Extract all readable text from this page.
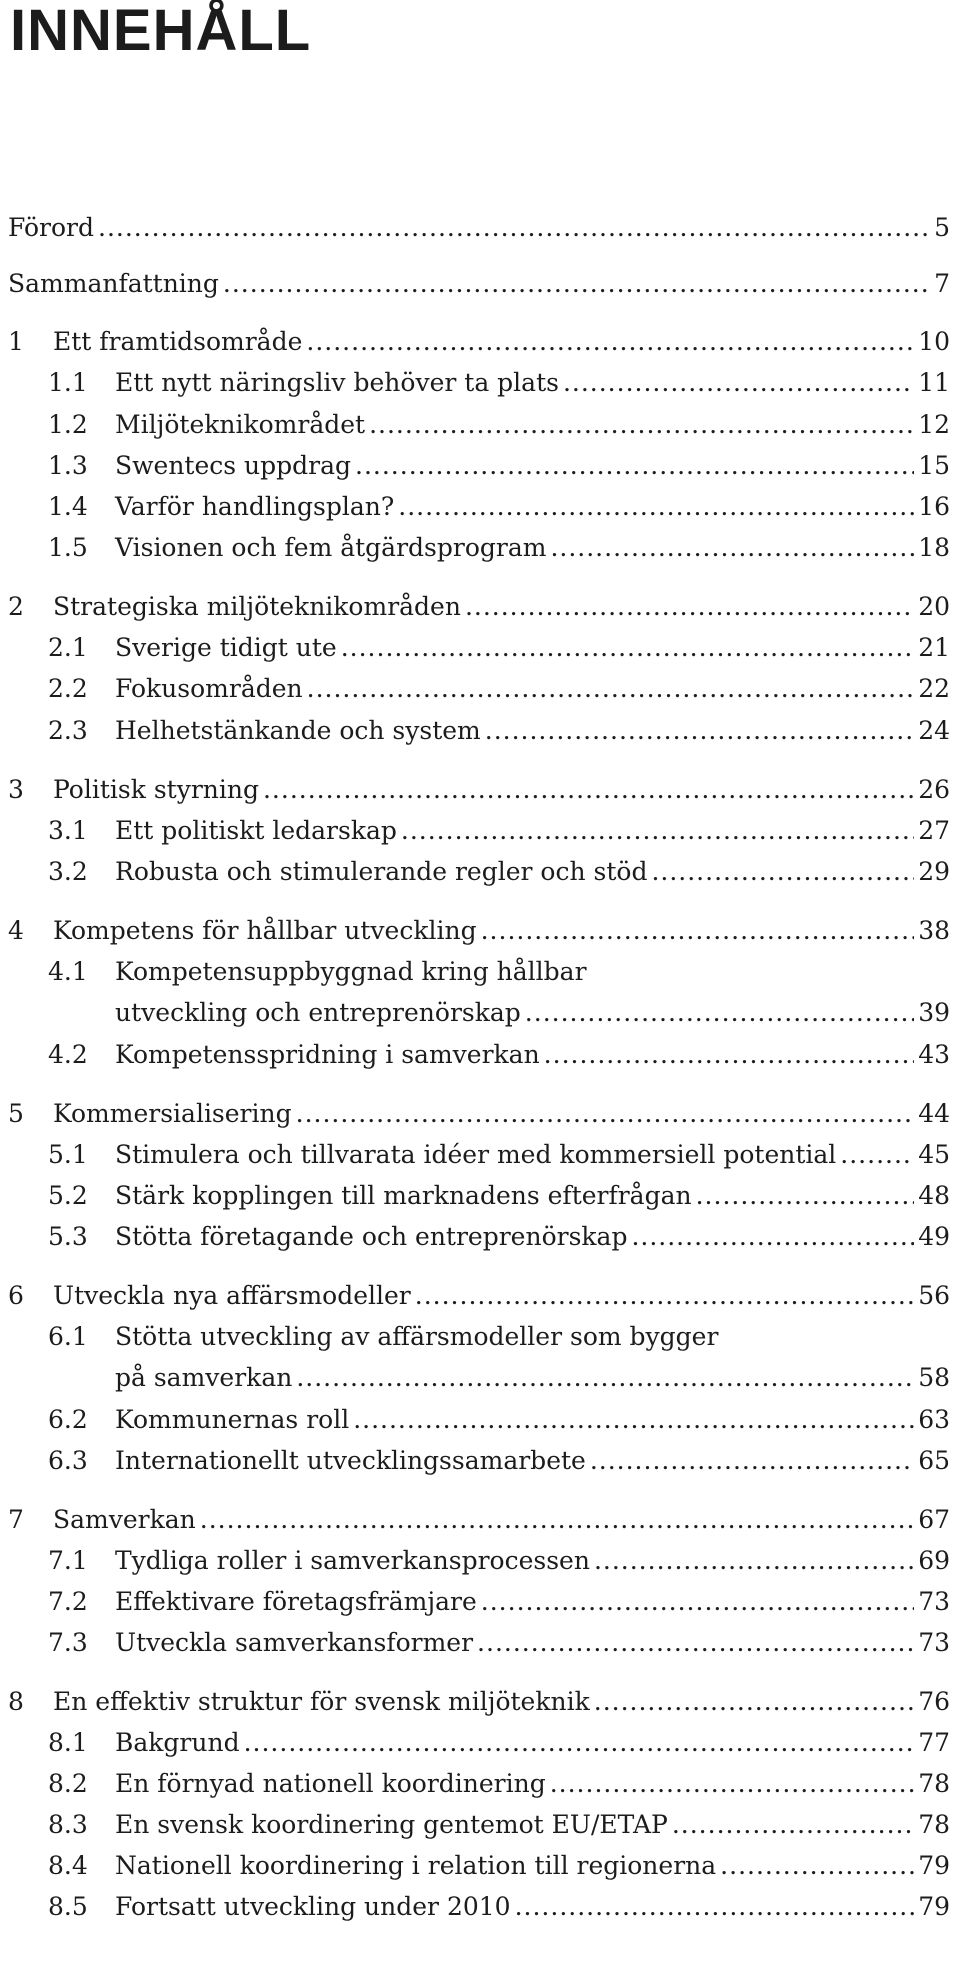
INNEHÅLL
Förord .....	5
Sammanfattning .....	7
1	Ett framtidsområde .....	10
1.1	Ett nytt näringsliv behöver ta plats .....	11
1.2	Miljöteknikområdet .....	12
1.3	Swentecs uppdrag .....	15
1.4	Varför handlingsplan? .....	16
1.5	Visionen och fem åtgärdsprogram .....	18
2	Strategiska miljöteknikområden .....	20
2.1	Sverige tidigt ute .....	21
2.2	Fokusområden .....	22
2.3	Helhetstänkande och system .....	24
3	Politisk styrning .....	26
3.1	Ett politiskt ledarskap .....	27
3.2	Robusta och stimulerande regler och stöd .....	29
4	Kompetens för hållbar utveckling .....	38
4.1	Kompetensuppbyggnad kring hållbar
utveckling och entreprenörskap .....	39
4.2	Kompetensspridning i samverkan .....	43
5	Kommersialisering .....	44
5.1	Stimulera och tillvarata idéer med kommersiell potential .....	45
5.2	Stärk kopplingen till marknadens efterfrågan .....	48
5.3	Stötta företagande och entreprenörskap .....	49
6	Utveckla nya affärsmodeller .....	56
6.1	Stötta utveckling av affärsmodeller som bygger
på samverkan .....	58
6.2	Kommunernas roll .....	63
6.3	Internationellt utvecklingssamarbete .....	65
7	Samverkan .....	67
7.1	Tydliga roller i samverkansprocessen .....	69
7.2	Effektivare företagsfrämjare .....	73
7.3	Utveckla samverkansformer .....	73
8	En effektiv struktur för svensk miljöteknik .....	76
8.1	Bakgrund .....	77
8.2	En förnyad nationell koordinering .....	78
8.3	En svensk koordinering gentemot EU/ETAP .....	78
8.4	Nationell koordinering i relation till regionerna .....	79
8.5	Fortsatt utveckling under 2010 .....	79
